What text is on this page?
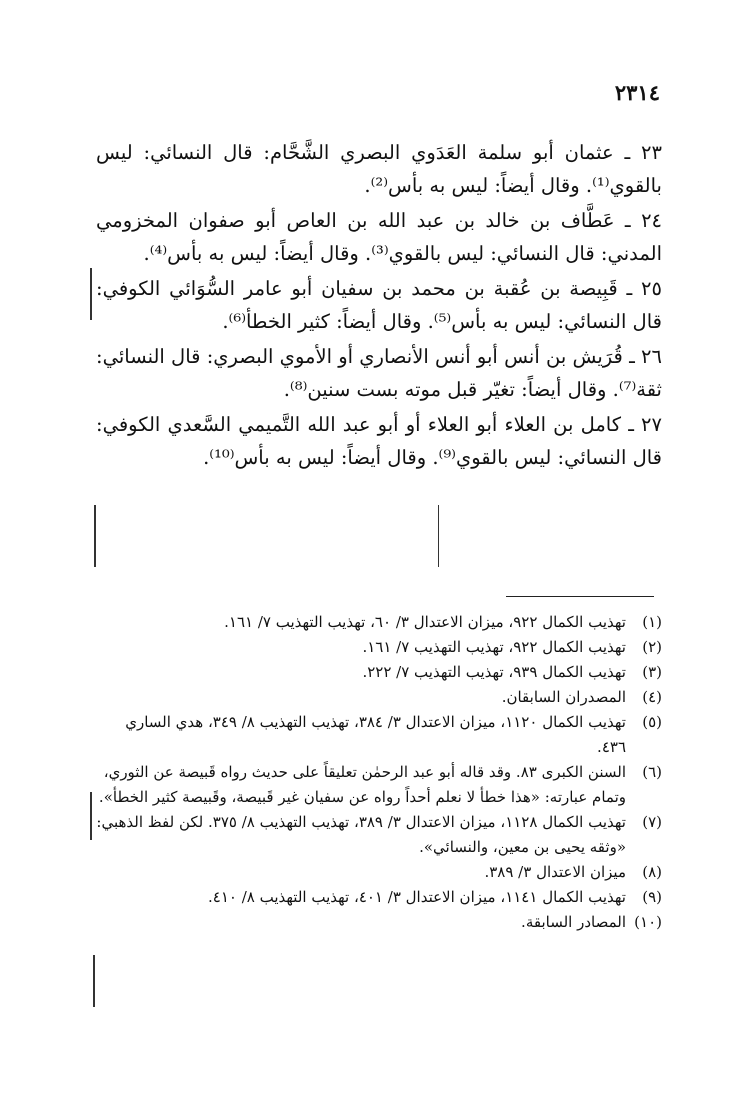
٢٣١٤
٢٣ ـ عثمان أبو سلمة العَدَوي البصري الشَّحَّام: قال النسائي: ليس بالقوي⁽¹⁾. وقال أيضاً: ليس به بأس⁽²⁾.
٢٤ ـ عَطَّاف بن خالد بن عبد الله بن العاص أبو صفوان المخزومي المدني: قال النسائي: ليس بالقوي⁽³⁾. وقال أيضاً: ليس به بأس⁽⁴⁾.
٢٥ ـ قَبِيصة بن عُقبة بن محمد بن سفيان أبو عامر السُّوَائي الكوفي: قال النسائي: ليس به بأس⁽⁵⁾. وقال أيضاً: كثير الخطأ⁽⁶⁾.
٢٦ ـ قُرَيش بن أنس أبو أنس الأنصاري أو الأموي البصري: قال النسائي: ثقة⁽⁷⁾. وقال أيضاً: تغيّر قبل موته بست سنين⁽⁸⁾.
٢٧ ـ كامل بن العلاء أبو العلاء أو أبو عبد الله التَّميمي السَّعدي الكوفي: قال النسائي: ليس بالقوي⁽⁹⁾. وقال أيضاً: ليس به بأس⁽¹⁰⁾.
(١)
تهذيب الكمال ٩٢٢، ميزان الاعتدال ٣/ ٦٠، تهذيب التهذيب ٧/ ١٦١.
(٢)
تهذيب الكمال ٩٢٢، تهذيب التهذيب ٧/ ١٦١.
(٣)
تهذيب الكمال ٩٣٩، تهذيب التهذيب ٧/ ٢٢٢.
(٤)
المصدران السابقان.
(٥)
تهذيب الكمال ١١٢٠، ميزان الاعتدال ٣/ ٣٨٤، تهذيب التهذيب ٨/ ٣٤٩، هدي الساري ٤٣٦.
(٦)
السنن الكبرى ٨٣. وقد قاله أبو عبد الرحمٰن تعليقاً على حديث رواه قَبيصة عن الثوري، وتمام عبارته: «هذا خطأ لا نعلم أحداً رواه عن سفيان غير قَبيصة، وقَبيصة كثير الخطأ».
(٧)
تهذيب الكمال ١١٢٨، ميزان الاعتدال ٣/ ٣٨٩، تهذيب التهذيب ٨/ ٣٧٥. لكن لفظ الذهبي: «وثقه يحيى بن معين، والنسائي».
(٨)
ميزان الاعتدال ٣/ ٣٨٩.
(٩)
تهذيب الكمال ١١٤١، ميزان الاعتدال ٣/ ٤٠١، تهذيب التهذيب ٨/ ٤١٠.
(١٠)
المصادر السابقة.
